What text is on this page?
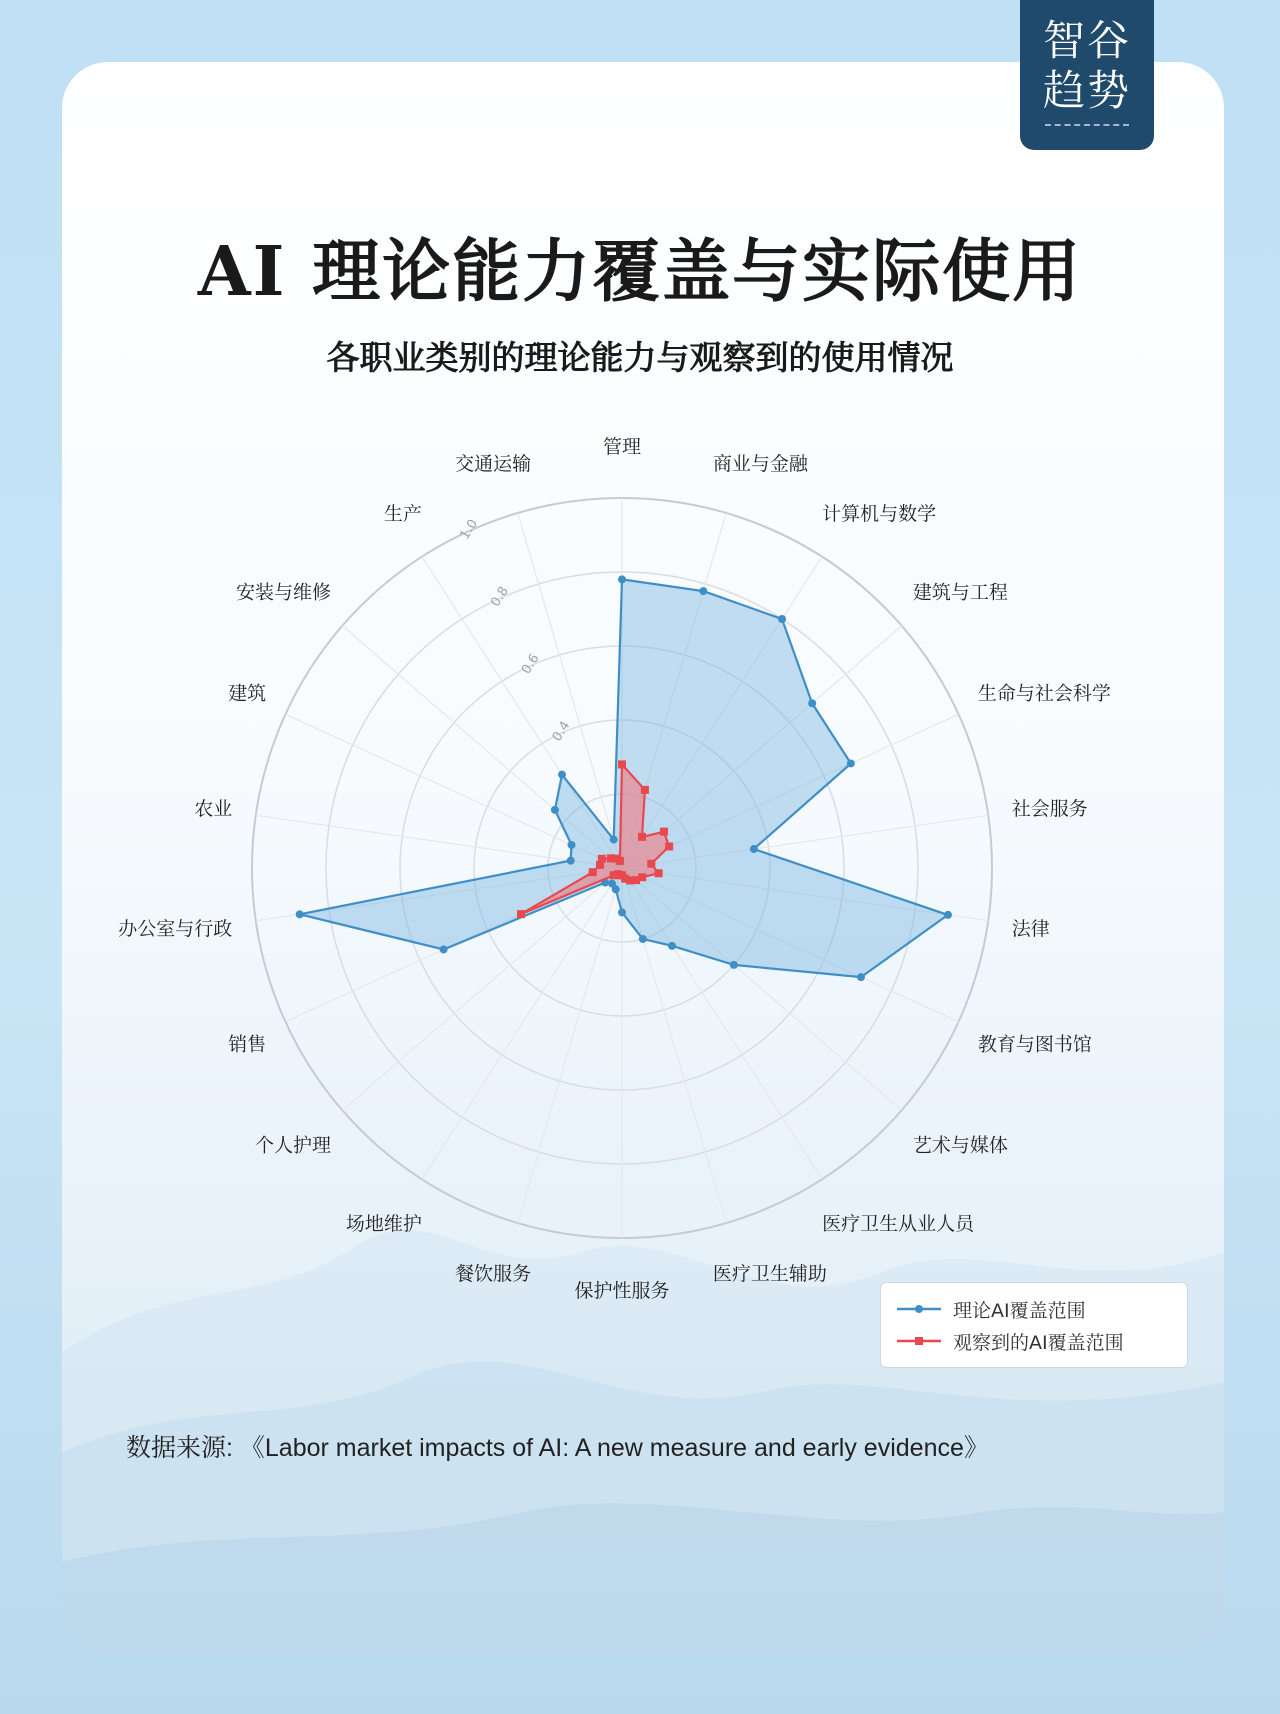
智谷
趋势
AI 理论能力覆盖与实际使用
各职业类别的理论能力与观察到的使用情况
0.4
0.6
0.8
1.0
管理
商业与金融
计算机与数学
建筑与工程
生命与社会科学
社会服务
法律
教育与图书馆
艺术与媒体
医疗卫生从业人员
医疗卫生辅助
保护性服务
餐饮服务
场地维护
个人护理
销售
办公室与行政
农业
建筑
安装与维修
生产
交通运输
理论AI覆盖范围
观察到的AI覆盖范围
数据来源: 《Labor market impacts of AI: A new measure and early evidence》
